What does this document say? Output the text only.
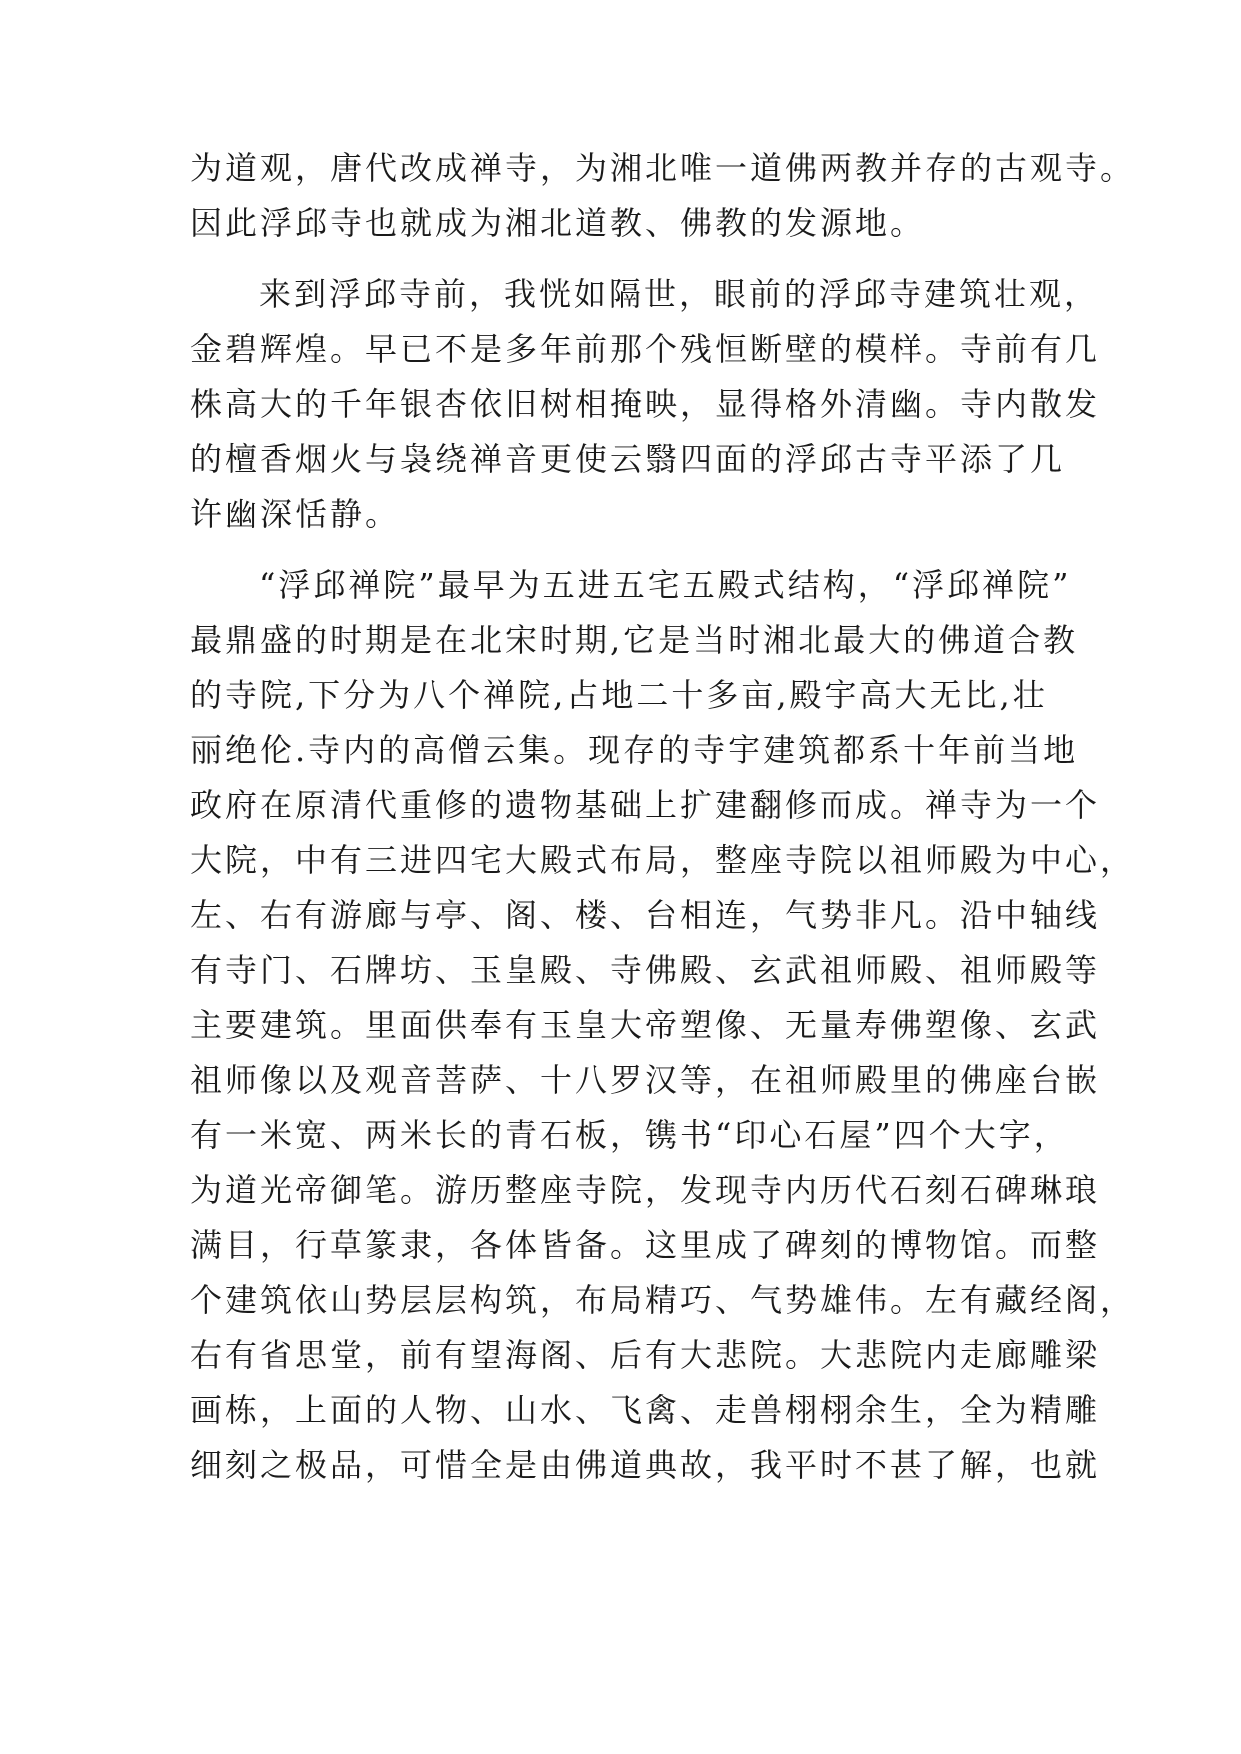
为道观，唐代改成禅寺，为湘北唯一道佛两教并存的古观寺。
因此浮邱寺也就成为湘北道教、佛教的发源地。
来到浮邱寺前，我恍如隔世，眼前的浮邱寺建筑壮观，
金碧辉煌。早已不是多年前那个残恒断壁的模样。寺前有几
株高大的千年银杏依旧树相掩映，显得格外清幽。寺内散发
的檀香烟火与袅绕禅音更使云翳四面的浮邱古寺平添了几
许幽深恬静。
“浮邱禅院”最早为五进五宅五殿式结构，“浮邱禅院”
最鼎盛的时期是在北宋时期,它是当时湘北最大的佛道合教
的寺院,下分为八个禅院,占地二十多亩,殿宇高大无比,壮
丽绝伦.寺内的高僧云集。现存的寺宇建筑都系十年前当地
政府在原清代重修的遗物基础上扩建翻修而成。禅寺为一个
大院，中有三进四宅大殿式布局，整座寺院以祖师殿为中心，
左、右有游廊与亭、阁、楼、台相连，气势非凡。沿中轴线
有寺门、石牌坊、玉皇殿、寺佛殿、玄武祖师殿、祖师殿等
主要建筑。里面供奉有玉皇大帝塑像、无量寿佛塑像、玄武
祖师像以及观音菩萨、十八罗汉等，在祖师殿里的佛座台嵌
有一米宽、两米长的青石板，镌书“印心石屋”四个大字，
为道光帝御笔。游历整座寺院，发现寺内历代石刻石碑琳琅
满目，行草篆隶，各体皆备。这里成了碑刻的博物馆。而整
个建筑依山势层层构筑，布局精巧、气势雄伟。左有藏经阁，
右有省思堂，前有望海阁、后有大悲院。大悲院内走廊雕梁
画栋，上面的人物、山水、飞禽、走兽栩栩余生，全为精雕
细刻之极品，可惜全是由佛道典故，我平时不甚了解，也就
